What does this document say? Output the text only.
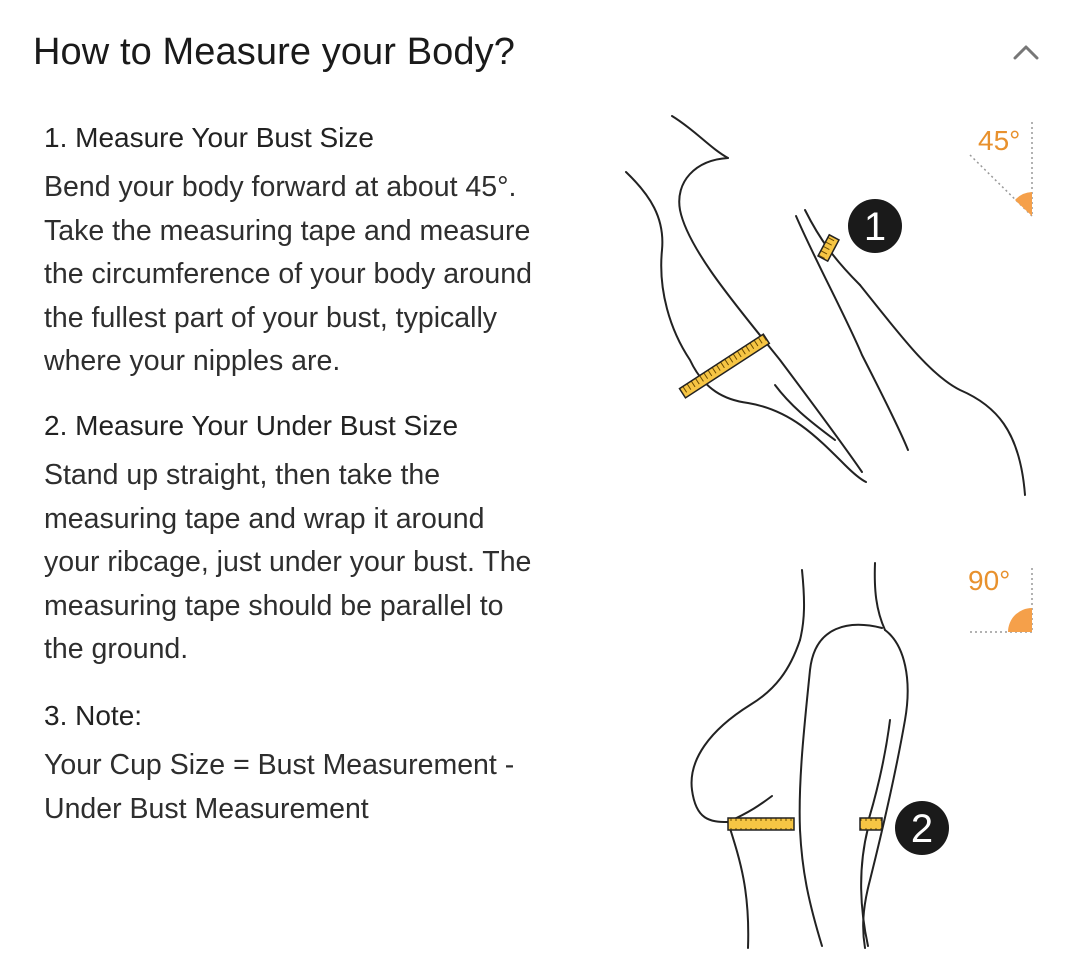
How to Measure your Body?
1. Measure Your Bust Size

Bend your body forward at about 45°.
Take the measuring tape and measure
the circumference of your body around
the fullest part of your bust, typically
where your nipples are.

2. Measure Your Under Bust Size

Stand up straight, then take the
measuring tape and wrap it around
your ribcage, just under your bust. The
measuring tape should be parallel to
the ground.

3. Note:

Your Cup Size = Bust Measurement -
Under Bust Measurement

1
45°
2
90°
